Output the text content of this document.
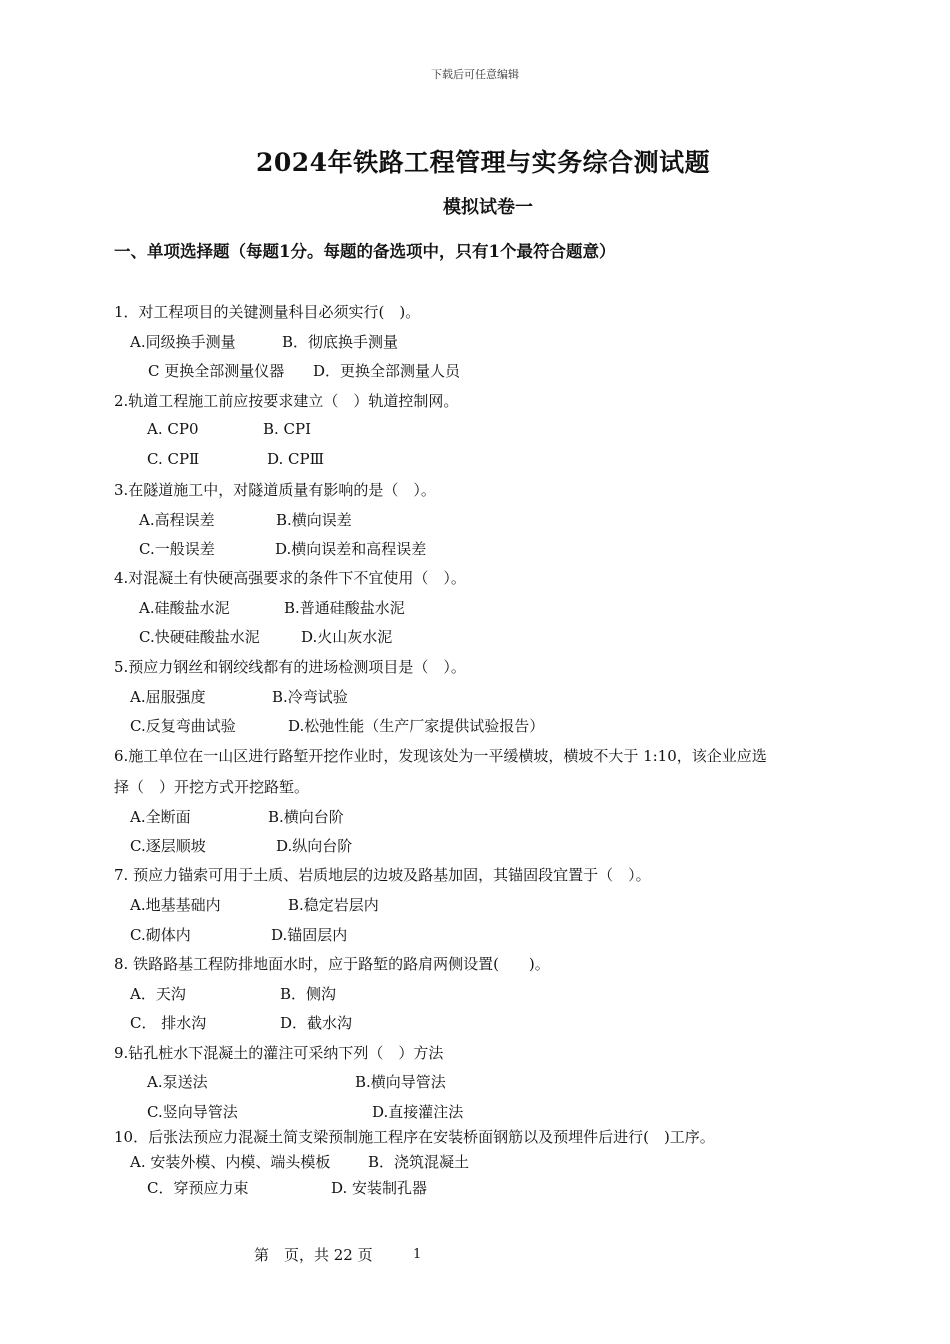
下载后可任意编辑
2024年铁路工程管理与实务综合测试题
模拟试卷一
一、单项选择题（每题1分。每题的备选项中，只有1个最符合题意）
1．对工程项目的关键测量科目必须实行(　)。
A.同级换手测量	B．彻底换手测量
C 更换全部测量仪器 D．更换全部测量人员
2.轨道工程施工前应按要求建立（　）轨道控制网。
A. CP0	B. CPⅠ
C. CPⅡ	D. CPⅢ
3.在隧道施工中，对隧道质量有影响的是（　）。
A.高程误差	B.横向误差
C.一般误差	D.横向误差和高程误差
4.对混凝土有快硬高强要求的条件下不宜使用（　）。
A.硅酸盐水泥	B.普通硅酸盐水泥
C.快硬硅酸盐水泥	D.火山灰水泥
5.预应力钢丝和钢绞线都有的进场检测项目是（　）。
A.屈服强度	B.冷弯试验
C.反复弯曲试验	D.松弛性能（生产厂家提供试验报告）
6.施工单位在一山区进行路堑开挖作业时，发现该处为一平缓横坡，横坡不大于 1:10，该企业应选
择（　）开挖方式开挖路堑。
A.全断面	B.横向台阶
C.逐层顺坡	D.纵向台阶
7. 预应力锚索可用于土质、岩质地层的边坡及路基加固，其锚固段宜置于（　）。
A.地基基础内	B.稳定岩层内
C.砌体内	D.锚固层内
8. 铁路路基工程防排地面水时，应于路堑的路肩两侧设置(　　)。
A．天沟	B．侧沟
C． 排水沟	D．截水沟
9.钻孔桩水下混凝土的灌注可采纳下列（　）方法
A.泵送法	B.横向导管法
C.竖向导管法	D.直接灌注法
10．后张法预应力混凝土简支梁预制施工程序在安装桥面钢筋以及预埋件后进行(　)工序。
A. 安装外模、内模、端头模板	B．浇筑混凝土
C．穿预应力束	D. 安装制孔器
第　页，共 22 页	1
